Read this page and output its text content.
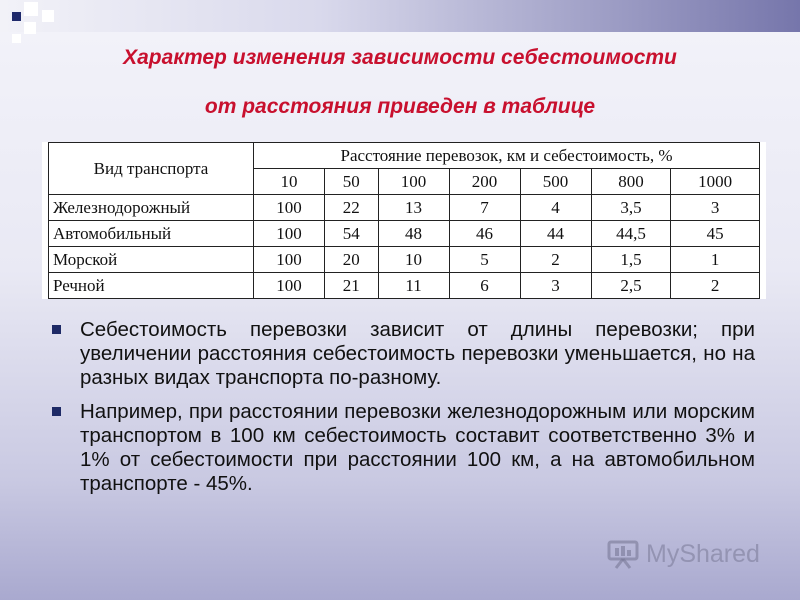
Характер изменения зависимости себестоимости
от расстояния приведен в таблице
Вид транспорта	Расстояние перевозок, км и себестоимость, %						
	10	50	100	200	500	800	1000
Железнодорожный	100	22	13	7	4	3,5	3
Автомобильный	100	54	48	46	44	44,5	45
Морской	100	20	10	5	2	1,5	1
Речной	100	21	11	6	3	2,5	2

Себестоимость перевозки зависит от длины перевозки; при увеличении расстояния себестоимость перевозки уменьшается, но на разных видах транспорта по-разному.

Например, при расстоянии перевозки железнодорожным или морским транспортом в 100 км себестоимость составит соответственно 3% и 1% от себестоимости при расстоянии 100 км, а на автомобильном транспорте - 45%.

MyShared
